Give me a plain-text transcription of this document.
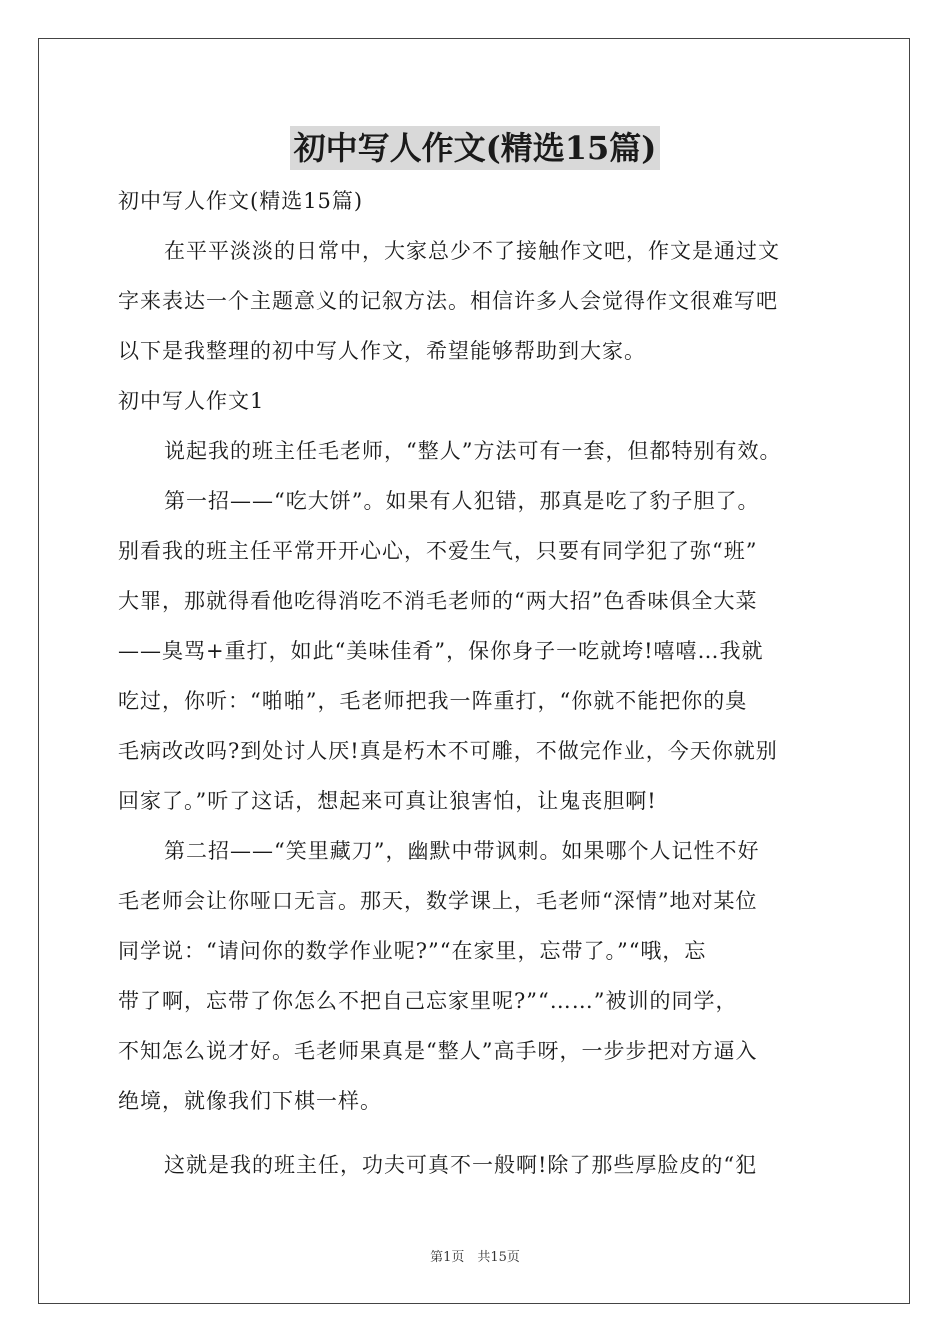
初中写人作文(精选15篇)
初中写人作文(精选15篇)
在平平淡淡的日常中，大家总少不了接触作文吧，作文是通过文
字来表达一个主题意义的记叙方法。相信许多人会觉得作文很难写吧
以下是我整理的初中写人作文，希望能够帮助到大家。
初中写人作文1
说起我的班主任毛老师，“整人”方法可有一套，但都特别有效。
第一招——“吃大饼”。如果有人犯错，那真是吃了豹子胆了。
别看我的班主任平常开开心心，不爱生气，只要有同学犯了弥“班”
大罪，那就得看他吃得消吃不消毛老师的“两大招”色香味俱全大菜
——臭骂+重打，如此“美味佳肴”，保你身子一吃就垮!嘻嘻…我就
吃过，你听：“啪啪”，毛老师把我一阵重打，“你就不能把你的臭
毛病改改吗?到处讨人厌!真是朽木不可雕，不做完作业，今天你就别
回家了。”听了这话，想起来可真让狼害怕，让鬼丧胆啊!
第二招——“笑里藏刀”，幽默中带讽刺。如果哪个人记性不好
毛老师会让你哑口无言。那天，数学课上，毛老师“深情”地对某位
同学说：“请问你的数学作业呢?”“在家里，忘带了。”“哦，忘
带了啊，忘带了你怎么不把自己忘家里呢?”“……”被训的同学，
不知怎么说才好。毛老师果真是“整人”高手呀，一步步把对方逼入
绝境，就像我们下棋一样。
这就是我的班主任，功夫可真不一般啊!除了那些厚脸皮的“犯
第1页　共15页
